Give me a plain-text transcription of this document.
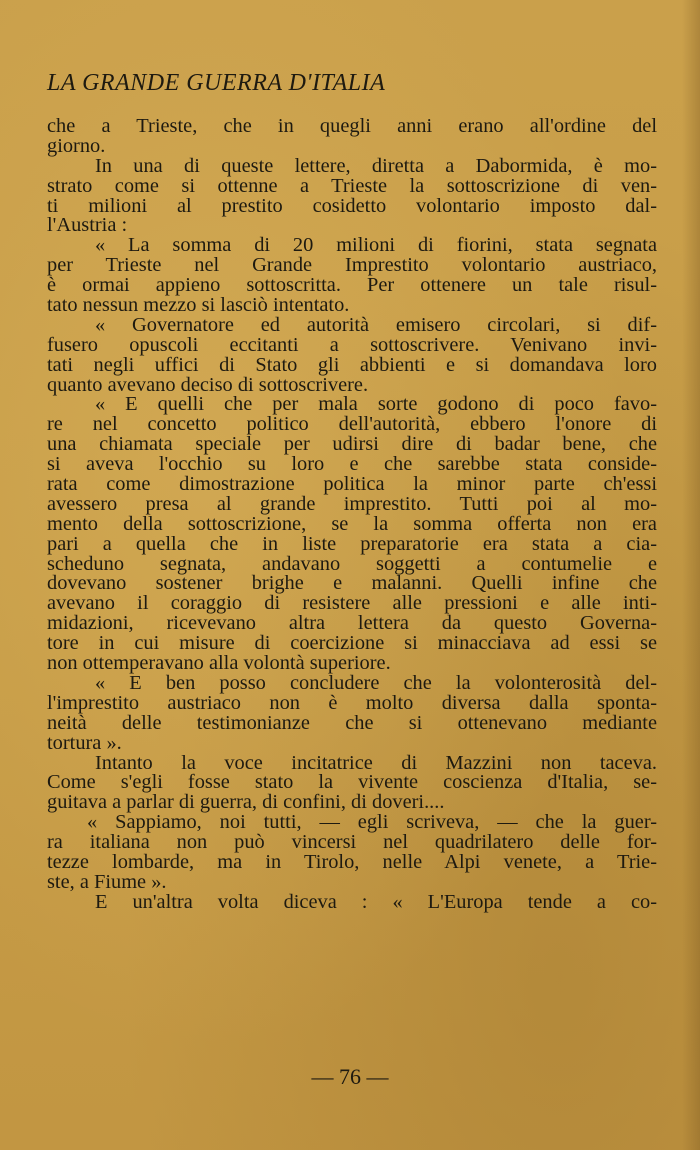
LA GRANDE GUERRA D'ITALIA
che a Trieste, che in quegli anni erano all'ordine del
giorno.
In una di queste lettere, diretta a Dabormida, è mo-
strato come si ottenne a Trieste la sottoscrizione di ven-
ti milioni al prestito cosidetto volontario imposto dal-
l'Austria :
« La somma di 20 milioni di fiorini, stata segnata
per Trieste nel Grande Imprestito volontario austriaco,
è ormai appieno sottoscritta. Per ottenere un tale risul-
tato nessun mezzo si lasciò intentato.
« Governatore ed autorità emisero circolari, si dif-
fusero opuscoli eccitanti a sottoscrivere. Venivano invi-
tati negli uffici di Stato gli abbienti e si domandava loro
quanto avevano deciso di sottoscrivere.
« E quelli che per mala sorte godono di poco favo-
re nel concetto politico dell'autorità, ebbero l'onore di
una chiamata speciale per udirsi dire di badar bene, che
si aveva l'occhio su loro e che sarebbe stata conside-
rata come dimostrazione politica la minor parte ch'essi
avessero presa al grande imprestito. Tutti poi al mo-
mento della sottoscrizione, se la somma offerta non era
pari a quella che in liste preparatorie era stata a cia-
scheduno segnata, andavano soggetti a contumelie e
dovevano sostener brighe e malanni. Quelli infine che
avevano il coraggio di resistere alle pressioni e alle inti-
midazioni, ricevevano altra lettera da questo Governa-
tore in cui misure di coercizione si minacciava ad essi se
non ottemperavano alla volontà superiore.
« E ben posso concludere che la volonterosità del-
l'imprestito austriaco non è molto diversa dalla sponta-
neità delle testimonianze che si ottenevano mediante
tortura ».
Intanto la voce incitatrice di Mazzini non taceva.
Come s'egli fosse stato la vivente coscienza d'Italia, se-
guitava a parlar di guerra, di confini, di doveri....
« Sappiamo, noi tutti, — egli scriveva, — che la guer-
ra italiana non può vincersi nel quadrilatero delle for-
tezze lombarde, ma in Tirolo, nelle Alpi venete, a Trie-
ste, a Fiume ».
E un'altra volta diceva : « L'Europa tende a co-
— 76 —
